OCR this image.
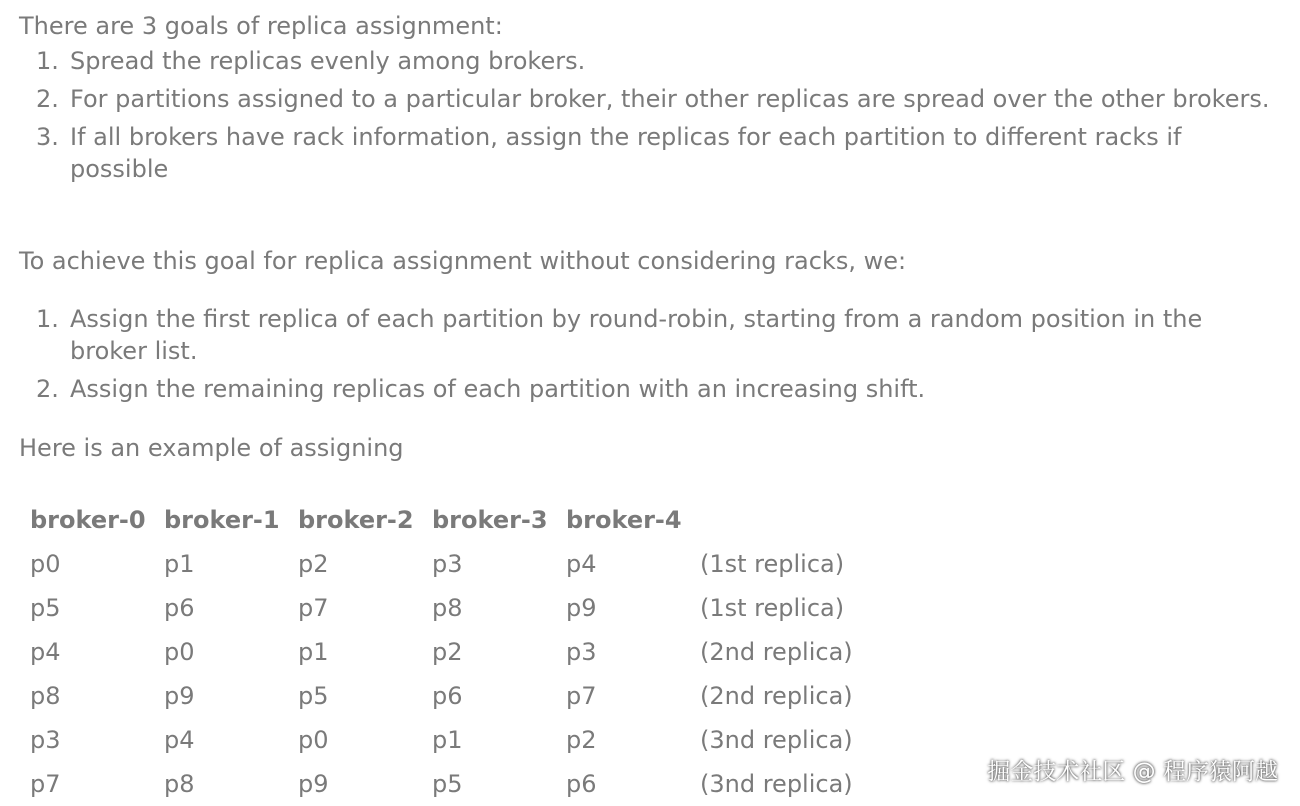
There are 3 goals of replica assignment:

1. Spread the replicas evenly among brokers.
2. For partitions assigned to a particular broker, their other replicas are spread over the other brokers.
3. If all brokers have rack information, assign the replicas for each partition to different racks if possible

To achieve this goal for replica assignment without considering racks, we:

1. Assign the first replica of each partition by round-robin, starting from a random position in the broker list.
2. Assign the remaining replicas of each partition with an increasing shift.

Here is an example of assigning

broker-0 broker-1 broker-2 broker-3 broker-4
p0	p1	p2	p3	p4	(1st replica)
p5	p6	p7	p8	p9	(1st replica)
p4	p0	p1	p2	p3	(2nd replica)
p8	p9	p5	p6	p7	(2nd replica)
p3	p4	p0	p1	p2	(3nd replica)
p7	p8	p9	p5	p6	(3nd replica)	掘金技术社区 @ 程序猿阿越
